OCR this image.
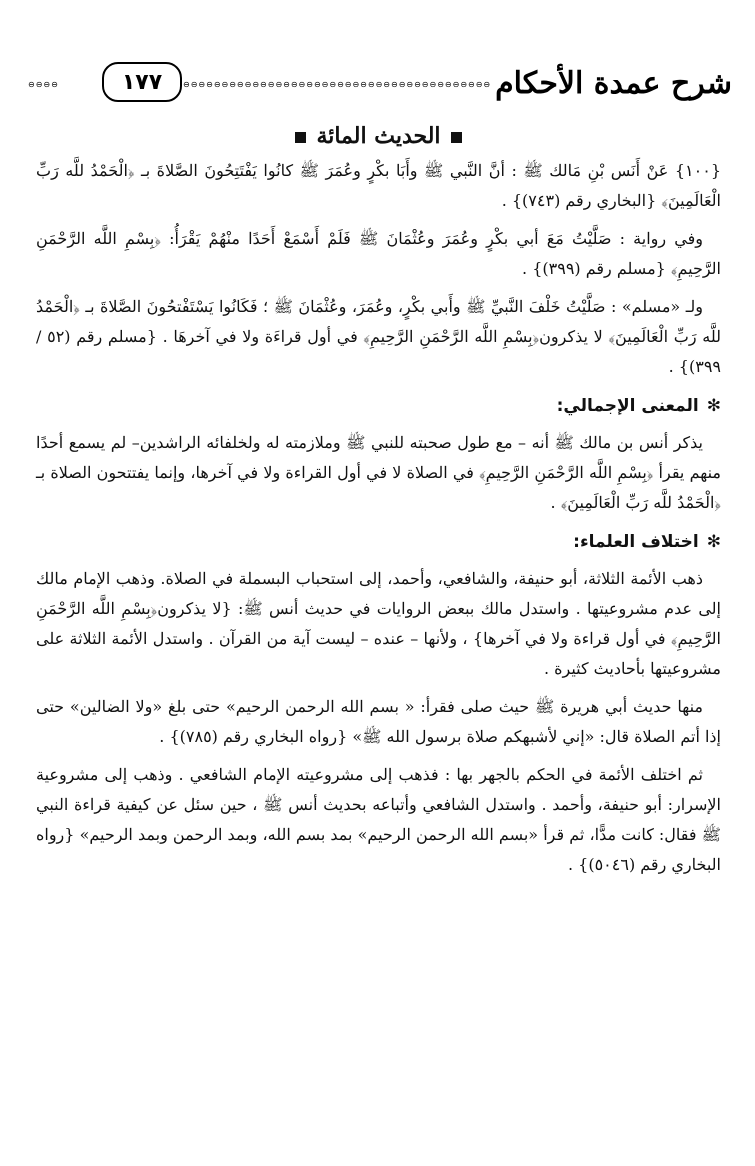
⊖⊖⊖⊖	١٧٧	⊖⊖⊖⊖⊖⊖⊖⊖⊖⊖⊖⊖⊖⊖⊖⊖⊖⊖⊖⊖⊖⊖⊖⊖⊖⊖⊖⊖⊖⊖⊖⊖⊖⊖⊖⊖⊖⊖⊖⊖ شرح عمدة الأحكام
الحديث المائة

{١٠٠} عَنْ أَنَس بْنِ مَالك ﷺ : أنَّ النَّبي ﷺ وأَبَا بكْرٍ وعُمَرَ ﷺ كانُوا يَفْتَتِحُونَ الصَّلاةَ بـ ﴿الْحَمْدُ للَّه رَبِّ الْعَالَمِينَ﴾ {البخاري رقم (٧٤٣)} .

وفي رواية : صَلَّيْتُ مَعَ أبي بكْرٍ وعُمَرَ وعُثْمَانَ ﷺ فَلَمْ أَسْمَعْ أَحَدًا منْهُمْ يَقْرَأُ: ﴿بِسْمِ اللَّه الرَّحْمَنِ الرَّحِيمِ﴾ {مسلم رقم (٣٩٩)} .

ولـ «مسلم» : صَلَّيْتُ خَلْفَ النَّبيِّ ﷺ وأَبي بكْرٍ، وعُمَرَ، وعُثْمَانَ ﷺ ؛ فَكَانُوا يَسْتَفْتحُونَ الصَّلاةَ بـ ﴿الْحَمْدُ للَّه رَبِّ الْعَالَمِينَ﴾ لا يذكرون﴿بِسْمِ اللَّه الرَّحْمَنِ الرَّحِيمِ﴾ في أول قراءَة ولا في آخرهَا . {مسلم رقم (٥٢ / ٣٩٩)} .

✻المعنى الإجمالي:

يذكر أنس بن مالك ﷺ أنه – مع طول صحبته للنبي ﷺ وملازمته له ولخلفائه الراشدين– لم يسمع أحدًا منهم يقرأ ﴿بِسْمِ اللَّه الرَّحْمَنِ الرَّحِيمِ﴾ في الصلاة لا في أول القراءة ولا في آخرها، وإنما يفتتحون الصلاة بـ ﴿الْحَمْدُ للَّه رَبِّ الْعَالَمِينَ﴾ .

✻اختلاف العلماء:

ذهب الأئمة الثلاثة، أبو حنيفة، والشافعي، وأحمد، إلى استحباب البسملة في الصلاة. وذهب الإمام مالك إلى عدم مشروعيتها . واستدل مالك ببعض الروايات في حديث أنس ﷺ: {لا يذكرون﴿بِسْمِ اللَّه الرَّحْمَنِ الرَّحِيمِ﴾ في أول قراءة ولا في آخرها} ، ولأنها – عنده – ليست آية من القرآن . واستدل الأئمة الثلاثة على مشروعيتها بأحاديث كثيرة .

منها حديث أبي هريرة ﷺ حيث صلى فقرأ: « بسم الله الرحمن الرحيم» حتى بلغ «ولا الضالين» حتى إذا أتم الصلاة قال: «إني لأشبهكم صلاة برسول الله ﷺ» {رواه البخاري رقم (٧٨٥)} .

ثم اختلف الأئمة في الحكم بالجهر بها : فذهب إلى مشروعيته الإمام الشافعي . وذهب إلى مشروعية الإسرار: أبو حنيفة، وأحمد . واستدل الشافعي وأتباعه بحديث أنس ﷺ ، حين سئل عن كيفية قراءة النبي ﷺ فقال: كانت مدًّا، ثم قرأ «بسم الله الرحمن الرحيم» بمد بسم الله، وبمد الرحمن وبمد الرحيم» {رواه البخاري رقم (٥٠٤٦)} .
